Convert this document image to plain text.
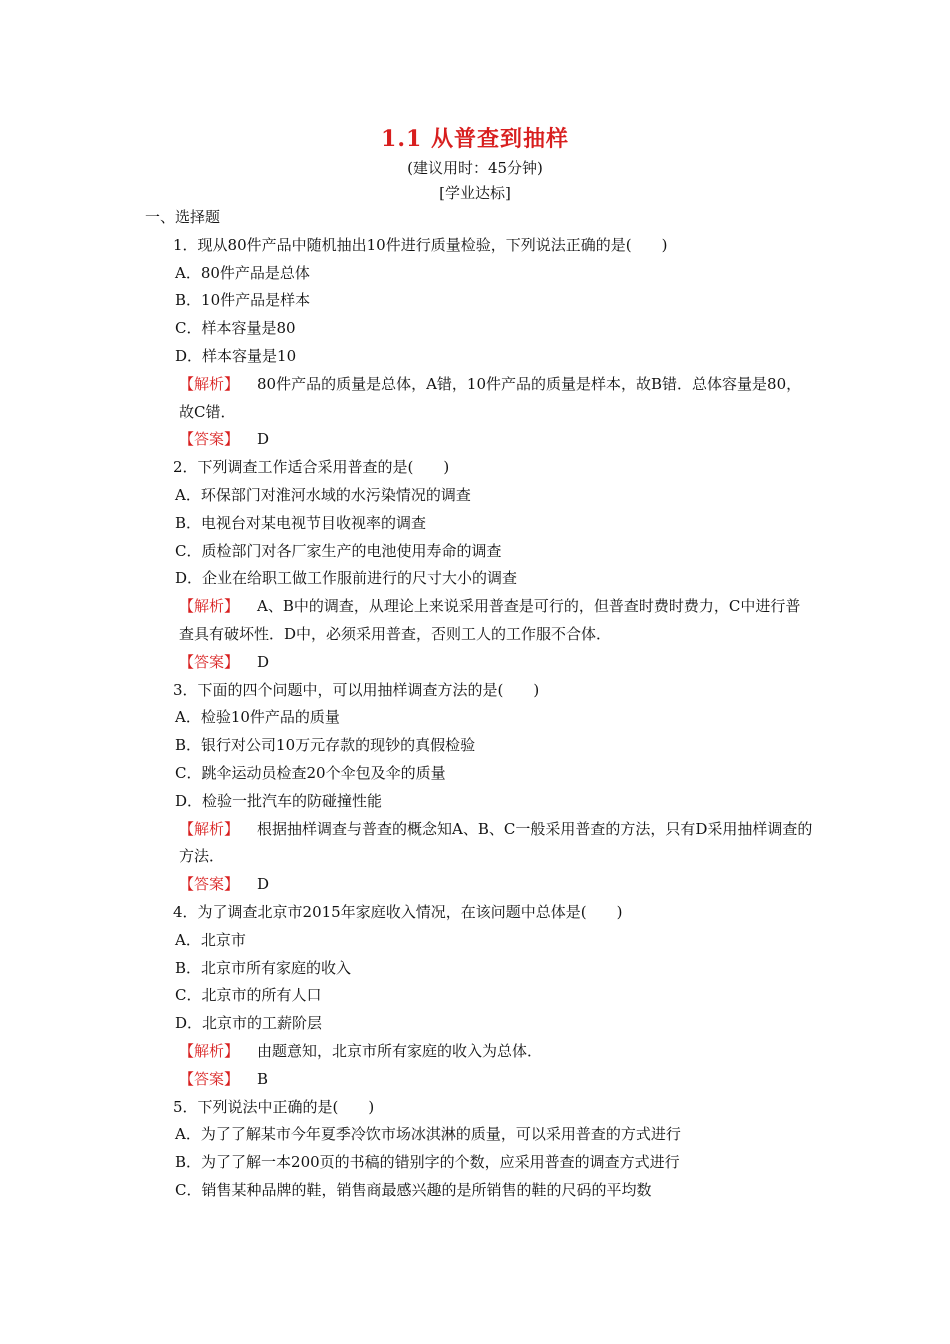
1.1 从普查到抽样
(建议用时：45分钟)
[学业达标]
一、选择题
1．现从80件产品中随机抽出10件进行质量检验，下列说法正确的是(　　)
A．80件产品是总体
B．10件产品是样本
C．样本容量是80
D．样本容量是10
【解析】 80件产品的质量是总体，A错，10件产品的质量是样本，故B错．总体容量是80，故C错．
【答案】 D
2．下列调查工作适合采用普查的是(　　)
A．环保部门对淮河水域的水污染情况的调查
B．电视台对某电视节目收视率的调查
C．质检部门对各厂家生产的电池使用寿命的调查
D．企业在给职工做工作服前进行的尺寸大小的调查
【解析】 A、B中的调查，从理论上来说采用普查是可行的，但普查时费时费力，C中进行普查具有破坏性．D中，必须采用普查，否则工人的工作服不合体．
【答案】 D
3．下面的四个问题中，可以用抽样调查方法的是(　　)
A．检验10件产品的质量
B．银行对公司10万元存款的现钞的真假检验
C．跳伞运动员检查20个伞包及伞的质量
D．检验一批汽车的防碰撞性能
【解析】 根据抽样调查与普查的概念知A、B、C一般采用普查的方法，只有D采用抽样调查的方法．
【答案】 D
4．为了调查北京市2015年家庭收入情况，在该问题中总体是(　　)
A．北京市
B．北京市所有家庭的收入
C．北京市的所有人口
D．北京市的工薪阶层
【解析】 由题意知，北京市所有家庭的收入为总体．
【答案】 B
5．下列说法中正确的是(　　)
A．为了了解某市今年夏季冷饮市场冰淇淋的质量，可以采用普查的方式进行
B．为了了解一本200页的书稿的错别字的个数，应采用普查的调查方式进行
C．销售某种品牌的鞋，销售商最感兴趣的是所销售的鞋的尺码的平均数
